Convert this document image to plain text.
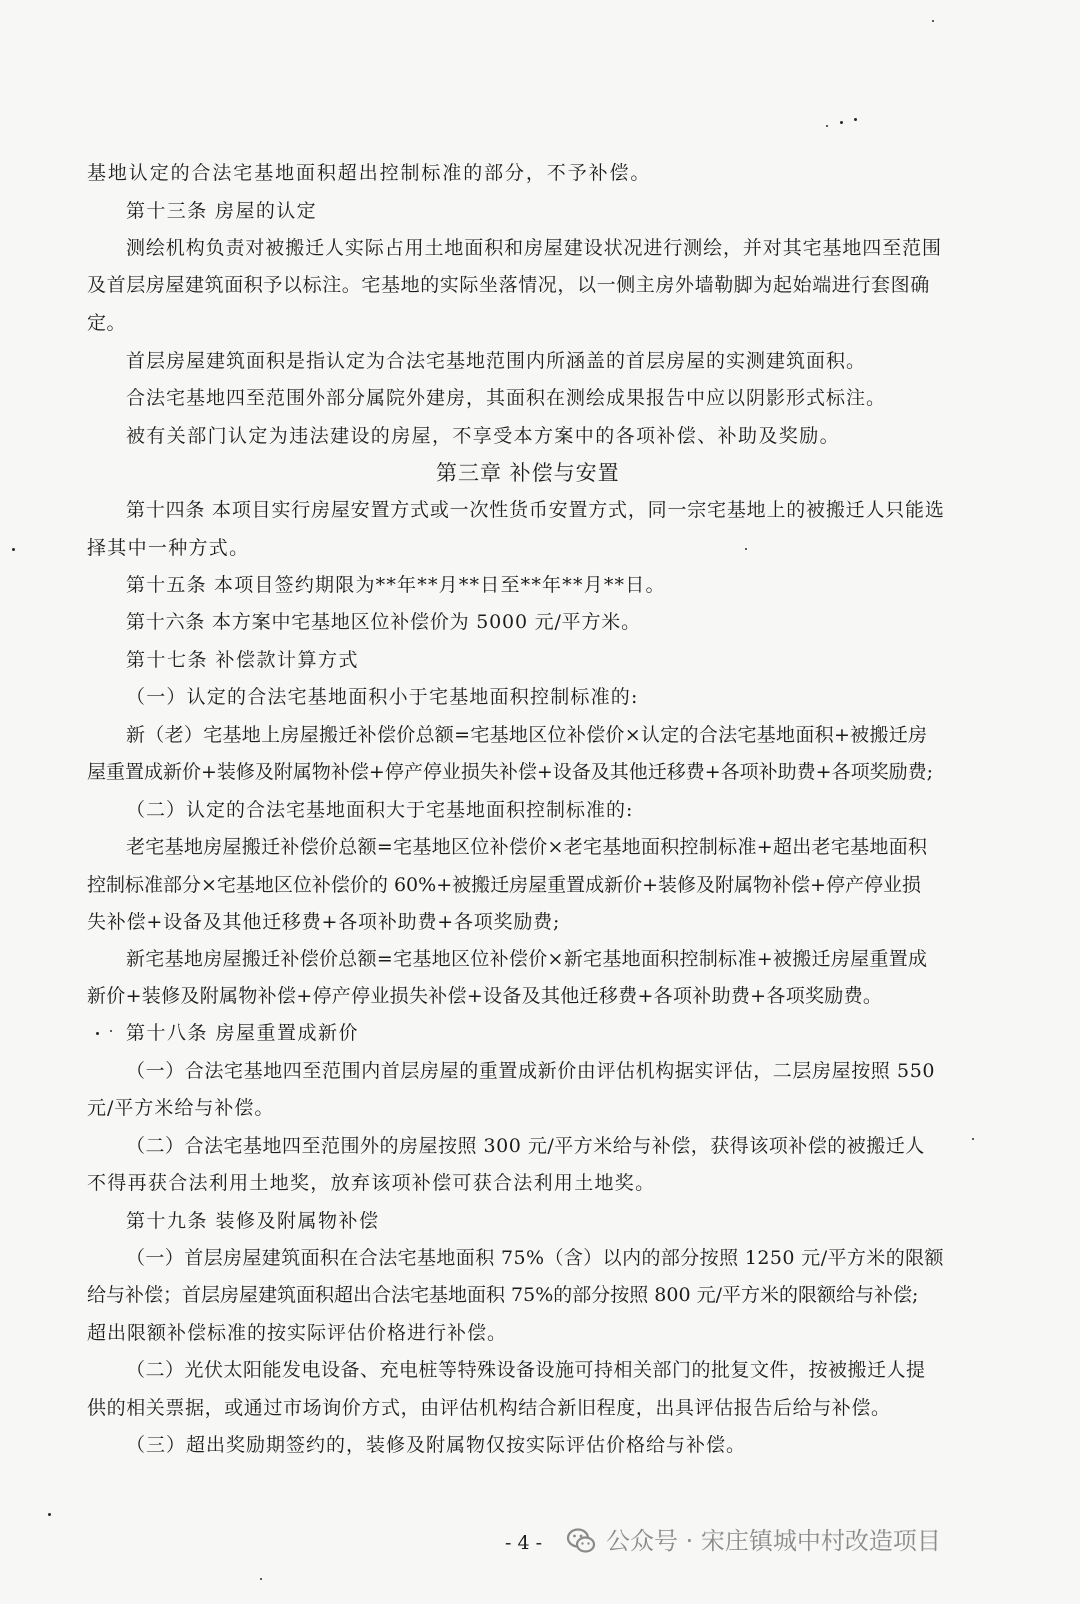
基地认定的合法宅基地面积超出控制标准的部分，不予补偿。
第十三条 房屋的认定
测绘机构负责对被搬迁人实际占用土地面积和房屋建设状况进行测绘，并对其宅基地四至范围
及首层房屋建筑面积予以标注。宅基地的实际坐落情况，以一侧主房外墙勒脚为起始端进行套图确
定。
首层房屋建筑面积是指认定为合法宅基地范围内所涵盖的首层房屋的实测建筑面积。
合法宅基地四至范围外部分属院外建房，其面积在测绘成果报告中应以阴影形式标注。
被有关部门认定为违法建设的房屋，不享受本方案中的各项补偿、补助及奖励。
第三章 补偿与安置
第十四条 本项目实行房屋安置方式或一次性货币安置方式，同一宗宅基地上的被搬迁人只能选
择其中一种方式。
第十五条 本项目签约期限为**年**月**日至**年**月**日。
第十六条 本方案中宅基地区位补偿价为 5000 元/平方米。
第十七条 补偿款计算方式
（一）认定的合法宅基地面积小于宅基地面积控制标准的:
新（老）宅基地上房屋搬迁补偿价总额=宅基地区位补偿价×认定的合法宅基地面积+被搬迁房
屋重置成新价+装修及附属物补偿+停产停业损失补偿+设备及其他迁移费+各项补助费+各项奖励费;
（二）认定的合法宅基地面积大于宅基地面积控制标准的:
老宅基地房屋搬迁补偿价总额=宅基地区位补偿价×老宅基地面积控制标准+超出老宅基地面积
控制标准部分×宅基地区位补偿价的 60%+被搬迁房屋重置成新价+装修及附属物补偿+停产停业损
失补偿+设备及其他迁移费+各项补助费+各项奖励费;
新宅基地房屋搬迁补偿价总额=宅基地区位补偿价×新宅基地面积控制标准+被搬迁房屋重置成
新价+装修及附属物补偿+停产停业损失补偿+设备及其他迁移费+各项补助费+各项奖励费。
第十八条 房屋重置成新价
（一）合法宅基地四至范围内首层房屋的重置成新价由评估机构据实评估，二层房屋按照 550
元/平方米给与补偿。
（二）合法宅基地四至范围外的房屋按照 300 元/平方米给与补偿，获得该项补偿的被搬迁人
不得再获合法利用土地奖，放弃该项补偿可获合法利用土地奖。
第十九条 装修及附属物补偿
（一）首层房屋建筑面积在合法宅基地面积 75%（含）以内的部分按照 1250 元/平方米的限额
给与补偿；首层房屋建筑面积超出合法宅基地面积 75%的部分按照 800 元/平方米的限额给与补偿;
超出限额补偿标准的按实际评估价格进行补偿。
（二）光伏太阳能发电设备、充电桩等特殊设备设施可持相关部门的批复文件，按被搬迁人提
供的相关票据，或通过市场询价方式，由评估机构结合新旧程度，出具评估报告后给与补偿。
（三）超出奖励期签约的，装修及附属物仅按实际评估价格给与补偿。
- 4 -	公众号 · 宋庄镇城中村改造项目
